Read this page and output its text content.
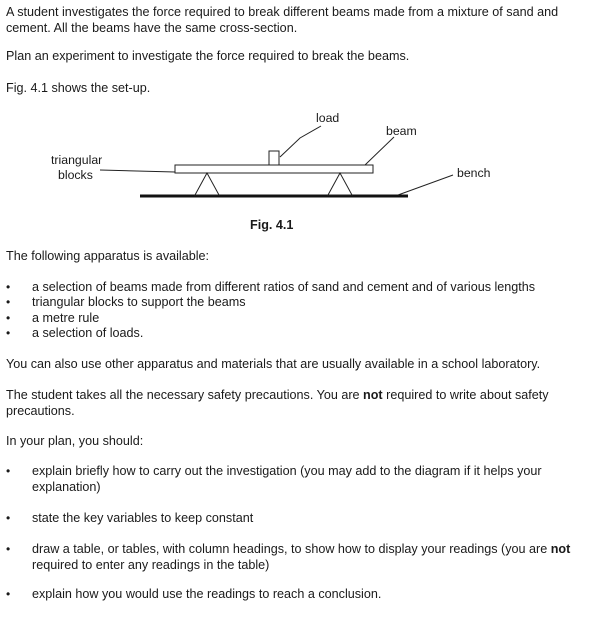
A student investigates the force required to break different beams made from a mixture of sand and cement. All the beams have the same cross-section.

Plan an experiment to investigate the force required to break the beams.

Fig. 4.1 shows the set-up.

load
beam
triangular
blocks	bench
Fig. 4.1

The following apparatus is available:

•	a selection of beams made from different ratios of sand and cement and of various lengths
•	triangular blocks to support the beams
•	a metre rule
•	a selection of loads.

You can also use other apparatus and materials that are usually available in a school laboratory.

The student takes all the necessary safety precautions. You are not required to write about safety precautions.

In your plan, you should:

•	explain briefly how to carry out the investigation (you may add to the diagram if it helps your explanation)
•	state the key variables to keep constant
•	draw a table, or tables, with column headings, to show how to display your readings (you are not required to enter any readings in the table)
•	explain how you would use the readings to reach a conclusion.
